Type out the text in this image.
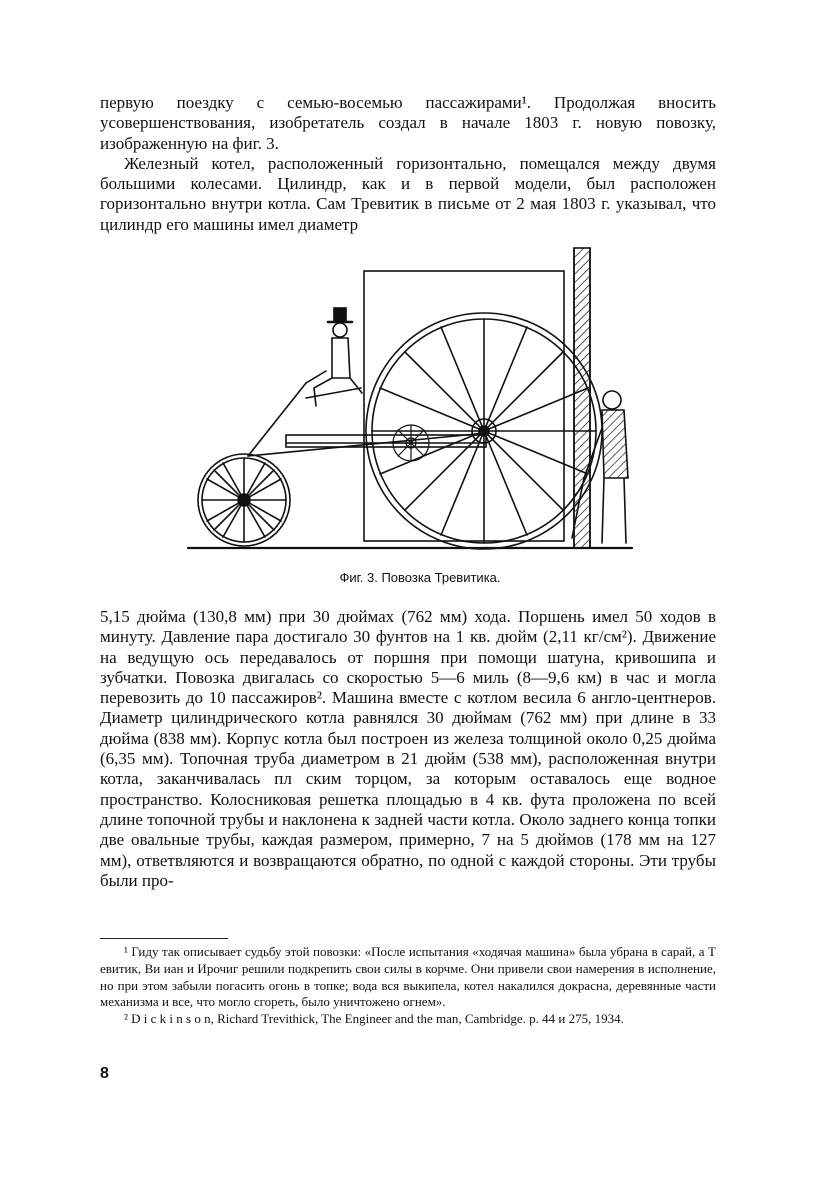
первую поездку с семью-восемью пассажирами¹. Продолжая вносить усовершенствования, изобретатель создал в начале 1803 г. новую повозку, изображенную на фиг. 3.

Железный котел, расположенный горизонтально, помещался между двумя большими колесами. Цилиндр, как и в первой модели, был расположен горизонтально внутри котла. Сам Тревитик в письме от 2 мая 1803 г. указывал, что цилиндр его машины имел диаметр

Фиг. 3. Повозка Тревитика.

5,15 дюйма (130,8 мм) при 30 дюймах (762 мм) хода. Поршень имел 50 ходов в минуту. Давление пара достигало 30 фунтов на 1 кв. дюйм (2,11 кг/см²). Движение на ведущую ось передавалось от поршня при помощи шатуна, кривошипа и зубчатки. Повозка двигалась со скоростью 5—6 миль (8—9,6 км) в час и могла перевозить до 10 пассажиров². Машина вместе с котлом весила 6 англо-центнеров. Диаметр цилиндрического котла равнялся 30 дюймам (762 мм) при длине в 33 дюйма (838 мм). Корпус котла был построен из железа толщиной около 0,25 дюйма (6,35 мм). Топочная труба диаметром в 21 дюйм (538 мм), расположенная внутри котла, заканчивалась пл ским торцом, за которым оставалось еще водное пространство. Колосниковая решетка площадью в 4 кв. фута проложена по всей длине топочной трубы и наклонена к задней части котла. Около заднего конца топки две овальные трубы, каждая размером, примерно, 7 на 5 дюймов (178 мм на 127 мм), ответвляются и возвращаются обратно, по одной с каждой стороны. Эти трубы были про-

¹ Гиду так описывает судьбу этой повозки: «После испытания «ходячая машина» была убрана в сарай, а Т евитик, Ви иан и Ирочиг решили подкрепить свои силы в корчме. Они привели свои намерения в исполнение, но при этом забыли погасить огонь в топке; вода вся выкипела, котел накалился докрасна, деревянные части механизма и все, что могло сгореть, было уничтожено огнем».

² D i c k i n s o n, Richard Trevithick, The Engineer and the man, Cambridge. p. 44 и 275, 1934.

8
